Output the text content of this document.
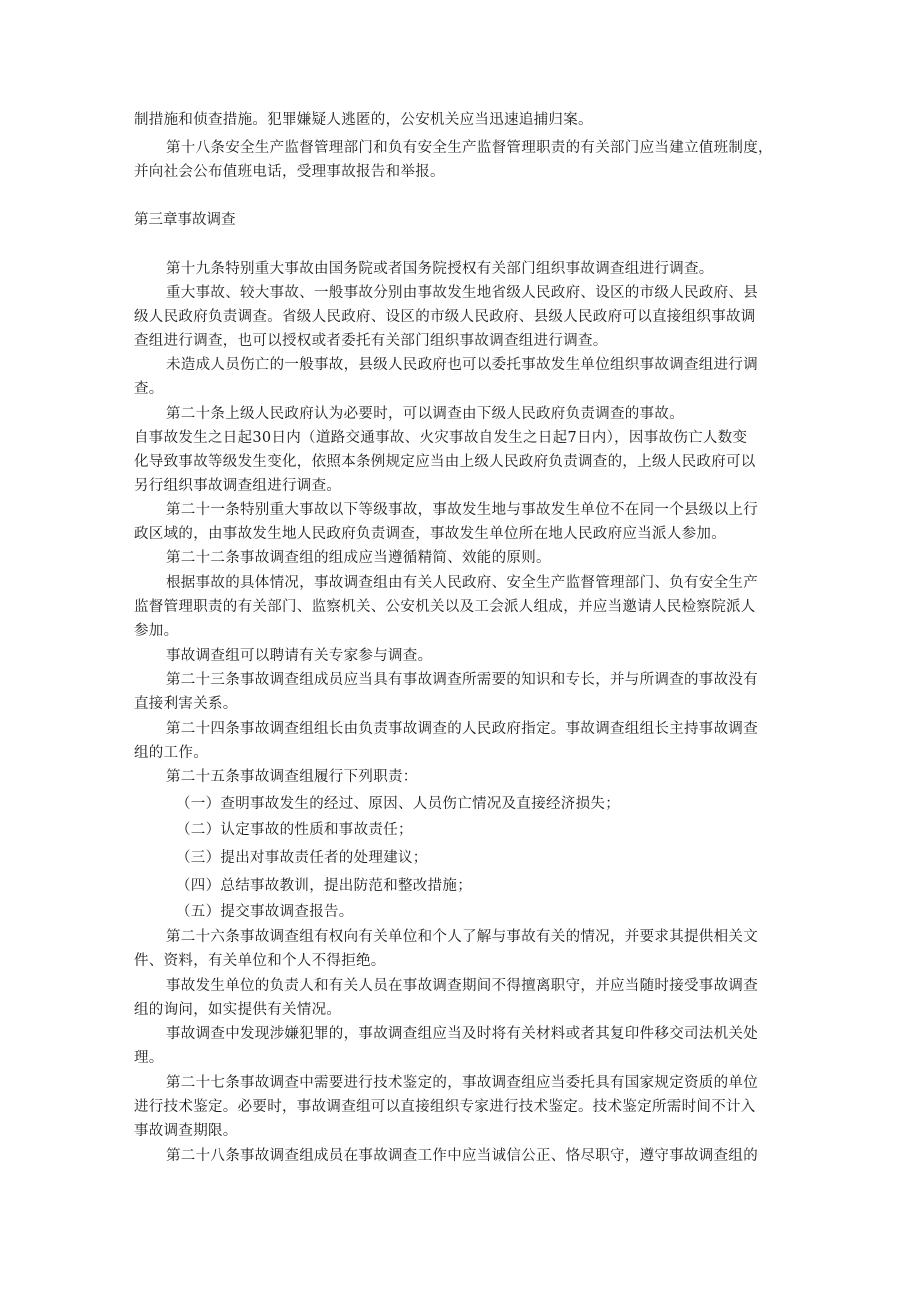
制措施和侦查措施。犯罪嫌疑人逃匿的，公安机关应当迅速追捕归案。
第十八条安全生产监督管理部门和负有安全生产监督管理职责的有关部门应当建立值班制度，
并向社会公布值班电话，受理事故报告和举报。
第三章事故调查
第十九条特别重大事故由国务院或者国务院授权有关部门组织事故调查组进行调查。
重大事故、较大事故、一般事故分别由事故发生地省级人民政府、设区的市级人民政府、县
级人民政府负责调查。省级人民政府、设区的市级人民政府、县级人民政府可以直接组织事故调
查组进行调查，也可以授权或者委托有关部门组织事故调查组进行调查。
未造成人员伤亡的一般事故，县级人民政府也可以委托事故发生单位组织事故调查组进行调
查。
第二十条上级人民政府认为必要时，可以调查由下级人民政府负责调查的事故。
自事故发生之日起30日内（道路交通事故、火灾事故自发生之日起7日内），因事故伤亡人数变
化导致事故等级发生变化，依照本条例规定应当由上级人民政府负责调查的，上级人民政府可以
另行组织事故调查组进行调查。
第二十一条特别重大事故以下等级事故，事故发生地与事故发生单位不在同一个县级以上行
政区域的，由事故发生地人民政府负责调查，事故发生单位所在地人民政府应当派人参加。
第二十二条事故调查组的组成应当遵循精简、效能的原则。
根据事故的具体情况，事故调查组由有关人民政府、安全生产监督管理部门、负有安全生产
监督管理职责的有关部门、监察机关、公安机关以及工会派人组成，并应当邀请人民检察院派人
参加。
事故调查组可以聘请有关专家参与调查。
第二十三条事故调查组成员应当具有事故调查所需要的知识和专长，并与所调查的事故没有
直接利害关系。
第二十四条事故调查组组长由负责事故调查的人民政府指定。事故调查组组长主持事故调查
组的工作。
第二十五条事故调查组履行下列职责：
（一）查明事故发生的经过、原因、人员伤亡情况及直接经济损失；
（二）认定事故的性质和事故责任；
（三）提出对事故责任者的处理建议；
（四）总结事故教训，提出防范和整改措施；
（五）提交事故调查报告。
第二十六条事故调查组有权向有关单位和个人了解与事故有关的情况，并要求其提供相关文
件、资料，有关单位和个人不得拒绝。
事故发生单位的负责人和有关人员在事故调查期间不得擅离职守，并应当随时接受事故调查
组的询问，如实提供有关情况。
事故调查中发现涉嫌犯罪的，事故调查组应当及时将有关材料或者其复印件移交司法机关处
理。
第二十七条事故调查中需要进行技术鉴定的，事故调查组应当委托具有国家规定资质的单位
进行技术鉴定。必要时，事故调查组可以直接组织专家进行技术鉴定。技术鉴定所需时间不计入
事故调查期限。
第二十八条事故调查组成员在事故调查工作中应当诚信公正、恪尽职守，遵守事故调查组的
